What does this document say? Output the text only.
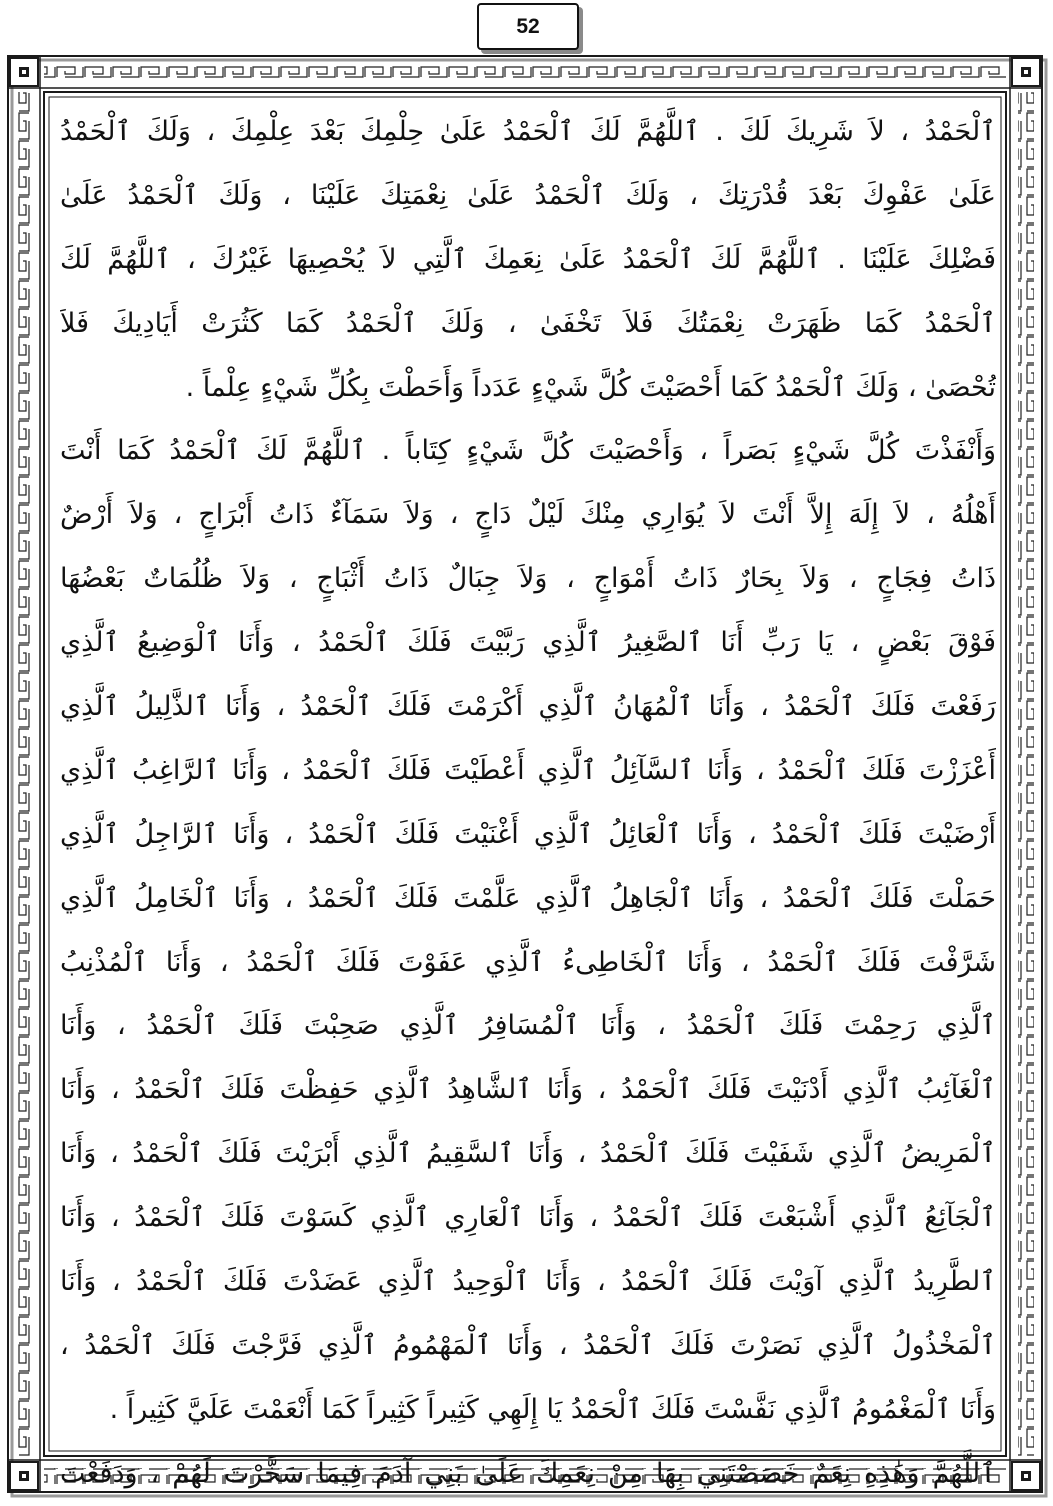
52
ٱلْحَمْدُ ، لاَ شَرِيكَ لَكَ . ٱللَّهُمَّ لَكَ ٱلْحَمْدُ عَلَىٰ حِلْمِكَ بَعْدَ عِلْمِكَ ، وَلَكَ ٱلْحَمْدُ
عَلَىٰ عَفْوِكَ بَعْدَ قُدْرَتِكَ ، وَلَكَ ٱلْحَمْدُ عَلَىٰ نِعْمَتِكَ عَلَيْنَا ، وَلَكَ ٱلْحَمْدُ عَلَىٰ
فَضْلِكَ عَلَيْنَا . ٱللَّهُمَّ لَكَ ٱلْحَمْدُ عَلَىٰ نِعَمِكَ ٱلَّتِي لاَ يُحْصِيهَا غَيْرُكَ ، ٱللَّهُمَّ لَكَ
ٱلْحَمْدُ كَمَا ظَهَرَتْ نِعْمَتُكَ فَلاَ تَخْفَىٰ ، وَلَكَ ٱلْحَمْدُ كَمَا كَثُرَتْ أَيَادِيكَ فَلاَ
تُحْصَىٰ ، وَلَكَ ٱلْحَمْدُ كَمَا أَحْصَيْتَ كُلَّ شَيْءٍ عَدَداً وَأَحَطْتَ بِكُلِّ شَيْءٍ عِلْماً .
وَأَنْفَذْتَ كُلَّ شَيْءٍ بَصَراً ، وَأَحْصَيْتَ كُلَّ شَيْءٍ كِتَاباً . ٱللَّهُمَّ لَكَ ٱلْحَمْدُ كَمَا أَنْتَ
أَهْلُهُ ، لاَ إِلَهَ إِلاَّ أَنْتَ لاَ يُوَارِي مِنْكَ لَيْلٌ دَاجٍ ، وَلاَ سَمَآءٌ ذَاتُ أَبْرَاجٍ ، وَلاَ أَرْضٌ
ذَاتُ فِجَاجٍ ، وَلاَ بِحَارٌ ذَاتُ أَمْوَاجٍ ، وَلاَ جِبَالٌ ذَاتُ أَثْبَاجٍ ، وَلاَ ظُلُمَاتٌ بَعْضُهَا
فَوْقَ بَعْضٍ ، يَا رَبِّ أَنَا ٱلصَّغِيرُ ٱلَّذِي رَبَّيْتَ فَلَكَ ٱلْحَمْدُ ، وَأَنَا ٱلْوَضِيعُ ٱلَّذِي
رَفَعْتَ فَلَكَ ٱلْحَمْدُ ، وَأَنَا ٱلْمُهَانُ ٱلَّذِي أَكْرَمْتَ فَلَكَ ٱلْحَمْدُ ، وَأَنَا ٱلذَّلِيلُ ٱلَّذِي
أَعْزَزْتَ فَلَكَ ٱلْحَمْدُ ، وَأَنَا ٱلسَّآئِلُ ٱلَّذِي أَعْطَيْتَ فَلَكَ ٱلْحَمْدُ ، وَأَنَا ٱلرَّاغِبُ ٱلَّذِي
أَرْضَيْتَ فَلَكَ ٱلْحَمْدُ ، وَأَنَا ٱلْعَائِلُ ٱلَّذِي أَغْنَيْتَ فَلَكَ ٱلْحَمْدُ ، وَأَنَا ٱلرَّاجِلُ ٱلَّذِي
حَمَلْتَ فَلَكَ ٱلْحَمْدُ ، وَأَنَا ٱلْجَاهِلُ ٱلَّذِي عَلَّمْتَ فَلَكَ ٱلْحَمْدُ ، وَأَنَا ٱلْخَامِلُ ٱلَّذِي
شَرَّفْتَ فَلَكَ ٱلْحَمْدُ ، وَأَنَا ٱلْخَاطِىءُ ٱلَّذِي عَفَوْتَ فَلَكَ ٱلْحَمْدُ ، وَأَنَا ٱلْمُذْنِبُ
ٱلَّذِي رَحِمْتَ فَلَكَ ٱلْحَمْدُ ، وَأَنَا ٱلْمُسَافِرُ ٱلَّذِي صَحِبْتَ فَلَكَ ٱلْحَمْدُ ، وَأَنَا
ٱلْغَآئِبُ ٱلَّذِي أَدْنَيْتَ فَلَكَ ٱلْحَمْدُ ، وَأَنَا ٱلشَّاهِدُ ٱلَّذِي حَفِظْتَ فَلَكَ ٱلْحَمْدُ ، وَأَنَا
ٱلْمَرِيضُ ٱلَّذِي شَفَيْتَ فَلَكَ ٱلْحَمْدُ ، وَأَنَا ٱلسَّقِيمُ ٱلَّذِي أَبْرَيْتَ فَلَكَ ٱلْحَمْدُ ، وَأَنَا
ٱلْجَآئِعُ ٱلَّذِي أَشْبَعْتَ فَلَكَ ٱلْحَمْدُ ، وَأَنَا ٱلْعَارِي ٱلَّذِي كَسَوْتَ فَلَكَ ٱلْحَمْدُ ، وَأَنَا
ٱلطَّرِيدُ ٱلَّذِي آوَيْتَ فَلَكَ ٱلْحَمْدُ ، وَأَنَا ٱلْوَحِيدُ ٱلَّذِي عَضَدْتَ فَلَكَ ٱلْحَمْدُ ، وَأَنَا
ٱلْمَخْذُولُ ٱلَّذِي نَصَرْتَ فَلَكَ ٱلْحَمْدُ ، وَأَنَا ٱلْمَهْمُومُ ٱلَّذِي فَرَّجْتَ فَلَكَ ٱلْحَمْدُ ،
وَأَنَا ٱلْمَغْمُومُ ٱلَّذِي نَفَّسْتَ فَلَكَ ٱلْحَمْدُ يَا إِلَهِي كَثِيراً كَثِيراً كَمَا أَنْعَمْتَ عَلَيَّ كَثِيراً .
ٱللَّهُمَّ وَهَٰذِهِ نِعَمٌ خَصَصْتَنِي بِهَا مِنْ نِعَمِكَ عَلَىٰ بَنِي آدَمَ فِيمَا سَخَّرْتَ لَهُمْ ، وَدَفَعْتَ
